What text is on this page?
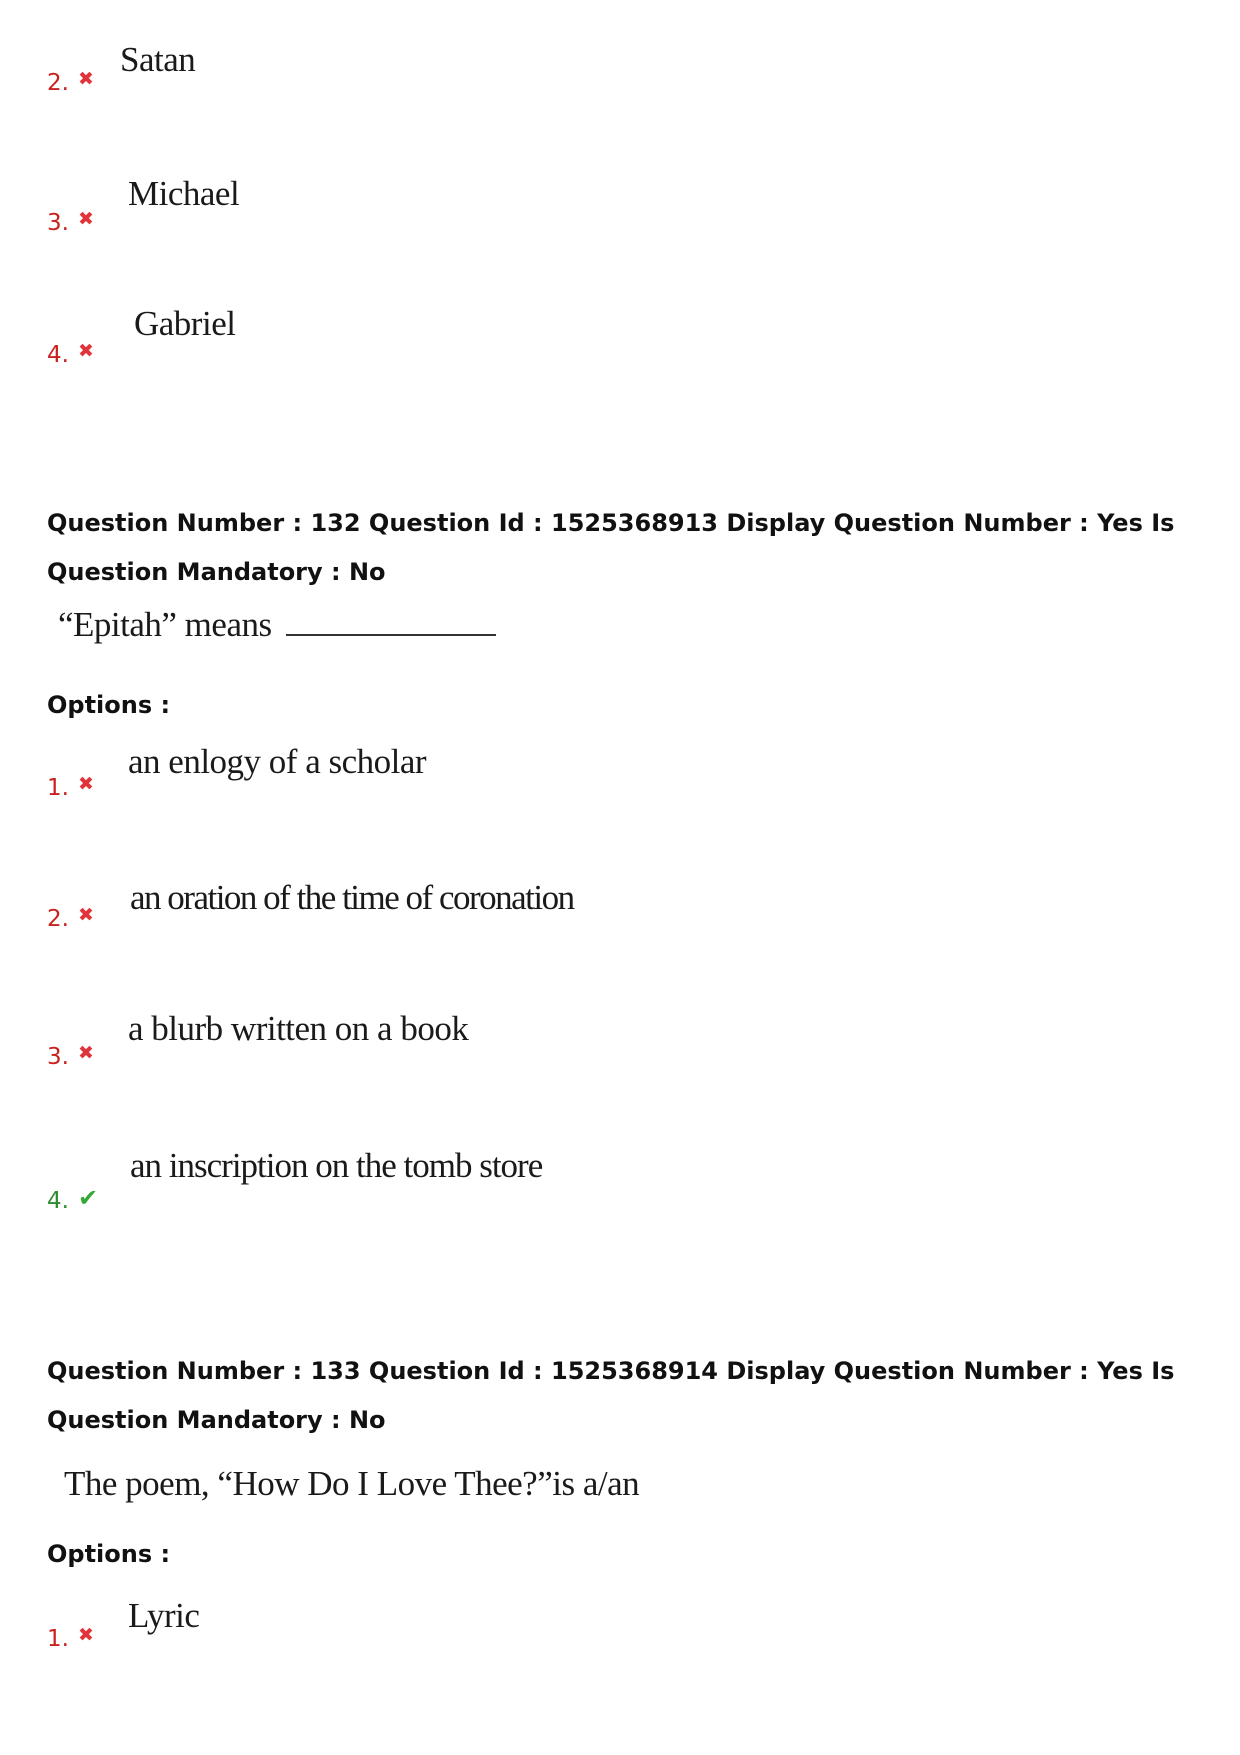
Satan
2. ✖
Michael
3. ✖
Gabriel
4. ✖
Question Number : 132 Question Id : 1525368913 Display Question Number : Yes Is Question Mandatory : No
“Epitah” means
Options :
an enlogy of a scholar
1. ✖
an oration of the time of coronation
2. ✖
a blurb written on a book
3. ✖
an inscription on the tomb store
4. ✔
Question Number : 133 Question Id : 1525368914 Display Question Number : Yes Is Question Mandatory : No
The poem, “How Do I Love Thee?”is a/an
Options :
Lyric
1. ✖
